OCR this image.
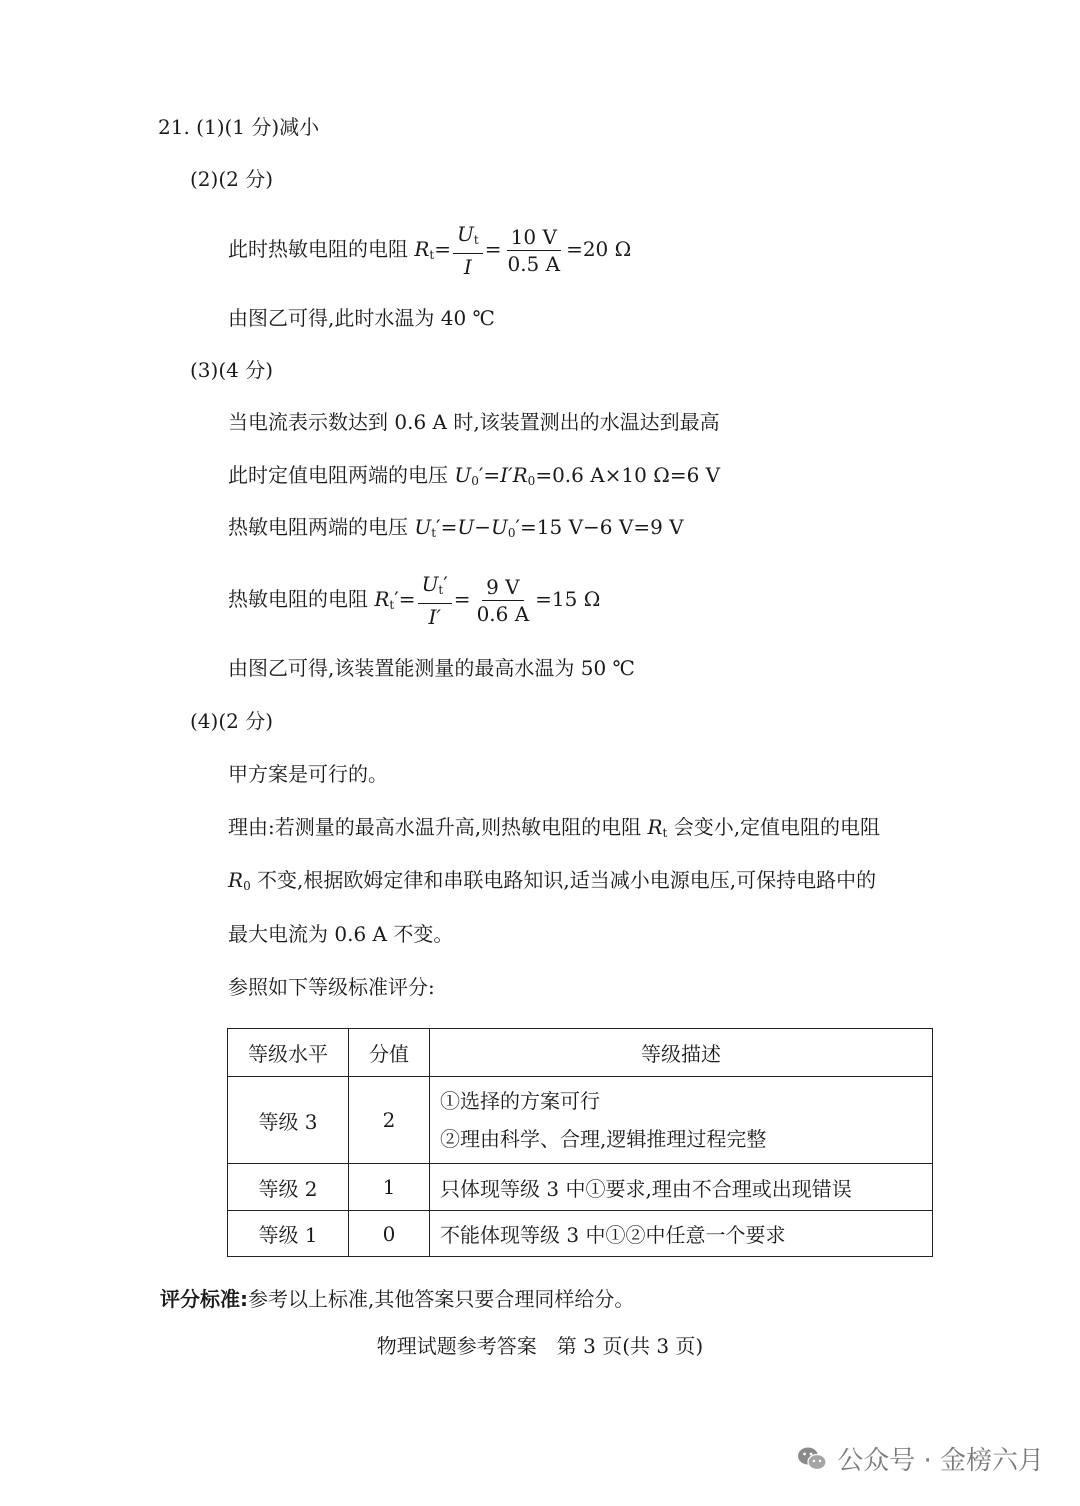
21. (1)(1 分)减小
(2)(2 分)
此时热敏电阻的电阻 $R_t= \frac{U_t}{I} = \frac{10 V}{0.5 A} =20$ Ω
由图乙可得,此时水温为 40 ℃
(3)(4 分)
当电流表示数达到 0.6 A 时,该装置测出的水温达到最高
此时定值电阻两端的电压 $U_0'=I'R_0=0.6$ A×10 Ω=6 V
热敏电阻两端的电压 $U_t'=U-U_0'=15$ V−6 V=9 V
热敏电阻的电阻 $R_t'= \frac{U_t'}{I'} = \frac{9 V}{0.6 A} =15$ Ω
由图乙可得,该装置能测量的最高水温为 50 ℃
(4)(2 分)
甲方案是可行的。
理由:若测量的最高水温升高,则热敏电阻的电阻 $R_t$ 会变小,定值电阻的电阻
$R_0$ 不变,根据欧姆定律和串联电路知识,适当减小电源电压,可保持电路中的
最大电流为 0.6 A 不变。
参照如下等级标准评分:
等级水平	分值	等级描述
等级 3	2	①选择的方案可行
②理由科学、合理,逻辑推理过程完整

等级 2	1	只体现等级 3 中①要求,理由不合理或出现错误
等级 1	0	不能体现等级 3 中①②中任意一个要求
评分标准:参考以上标准,其他答案只要合理同样给分。
物理试题参考答案　第 3 页(共 3 页)
公众号 · 金榜六月
